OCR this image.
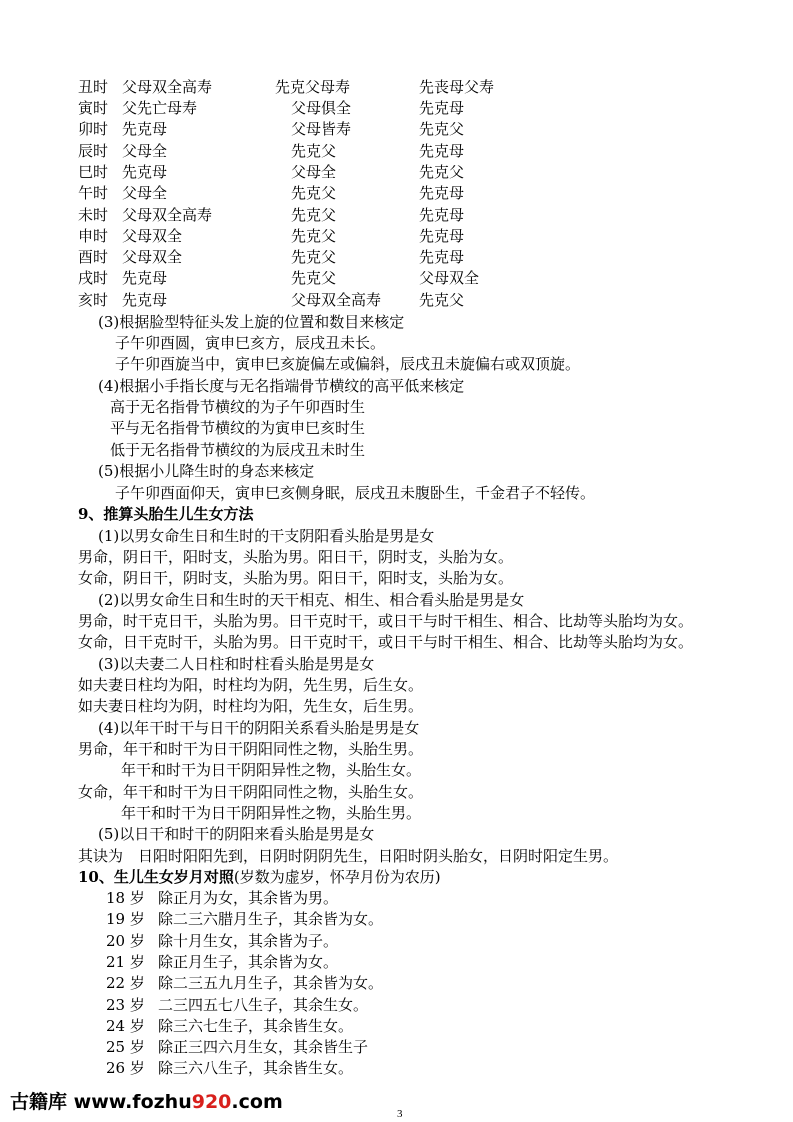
丑时 父母双全高寿	先克父母寿	先丧母父寿
寅时 父先亡母寿	父母俱全	先克母
卯时 先克母	父母皆寿	先克父
辰时 父母全	先克父	先克母
巳时 先克母	父母全	先克父
午时 父母全	先克父	先克母
未时 父母双全高寿	先克父	先克母
申时 父母双全	先克父	先克母
酉时 父母双全	先克父	先克母
戌时 先克母	先克父	父母双全
亥时 先克母	父母双全高寿	先克父
(3)根据脸型特征头发上旋的位置和数目来核定
子午卯酉圆，寅申巳亥方，辰戌丑未长。
子午卯酉旋当中，寅申巳亥旋偏左或偏斜，辰戌丑未旋偏右或双顶旋。
(4)根据小手指长度与无名指端骨节横纹的高平低来核定
高于无名指骨节横纹的为子午卯酉时生
平与无名指骨节横纹的为寅申巳亥时生
低于无名指骨节横纹的为辰戌丑未时生
(5)根据小儿降生时的身态来核定
子午卯酉面仰天，寅申巳亥侧身眠，辰戌丑未腹卧生，千金君子不轻传。
9、推算头胎生儿生女方法
(1)以男女命生日和生时的干支阴阳看头胎是男是女
男命，阴日干，阳时支，头胎为男。阳日干，阴时支，头胎为女。
女命，阴日干，阴时支，头胎为男。阳日干，阳时支，头胎为女。
(2)以男女命生日和生时的天干相克、相生、相合看头胎是男是女
男命，时干克日干，头胎为男。日干克时干，或日干与时干相生、相合、比劫等头胎均为女。
女命，日干克时干，头胎为男。日干克时干，或日干与时干相生、相合、比劫等头胎均为女。
(3)以夫妻二人日柱和时柱看头胎是男是女
如夫妻日柱均为阳，时柱均为阴，先生男，后生女。
如夫妻日柱均为阴，时柱均为阳，先生女，后生男。
(4)以年干时干与日干的阴阳关系看头胎是男是女
男命，年干和时干为日干阴阳同性之物，头胎生男。
年干和时干为日干阴阳异性之物，头胎生女。
女命，年干和时干为日干阴阳同性之物，头胎生女。
年干和时干为日干阴阳异性之物，头胎生男。
(5)以日干和时干的阴阳来看头胎是男是女
其诀为　日阳时阳阳先到，日阴时阴阴先生，日阳时阴头胎女，日阴时阳定生男。
10、生儿生女岁月对照(岁数为虚岁，怀孕月份为农历)
18 岁 除正月为女，其余皆为男。
19 岁 除二三六腊月生子，其余皆为女。
20 岁 除十月生女，其余皆为子。
21 岁 除正月生子，其余皆为女。
22 岁 除二三五九月生子，其余皆为女。
23 岁 二三四五七八生子，其余生女。
24 岁 除三六七生子，其余皆生女。
25 岁 除正三四六月生女，其余皆生子
26 岁 除三六八生子，其余皆生女。
古籍库 www.fozhu920.com
3
